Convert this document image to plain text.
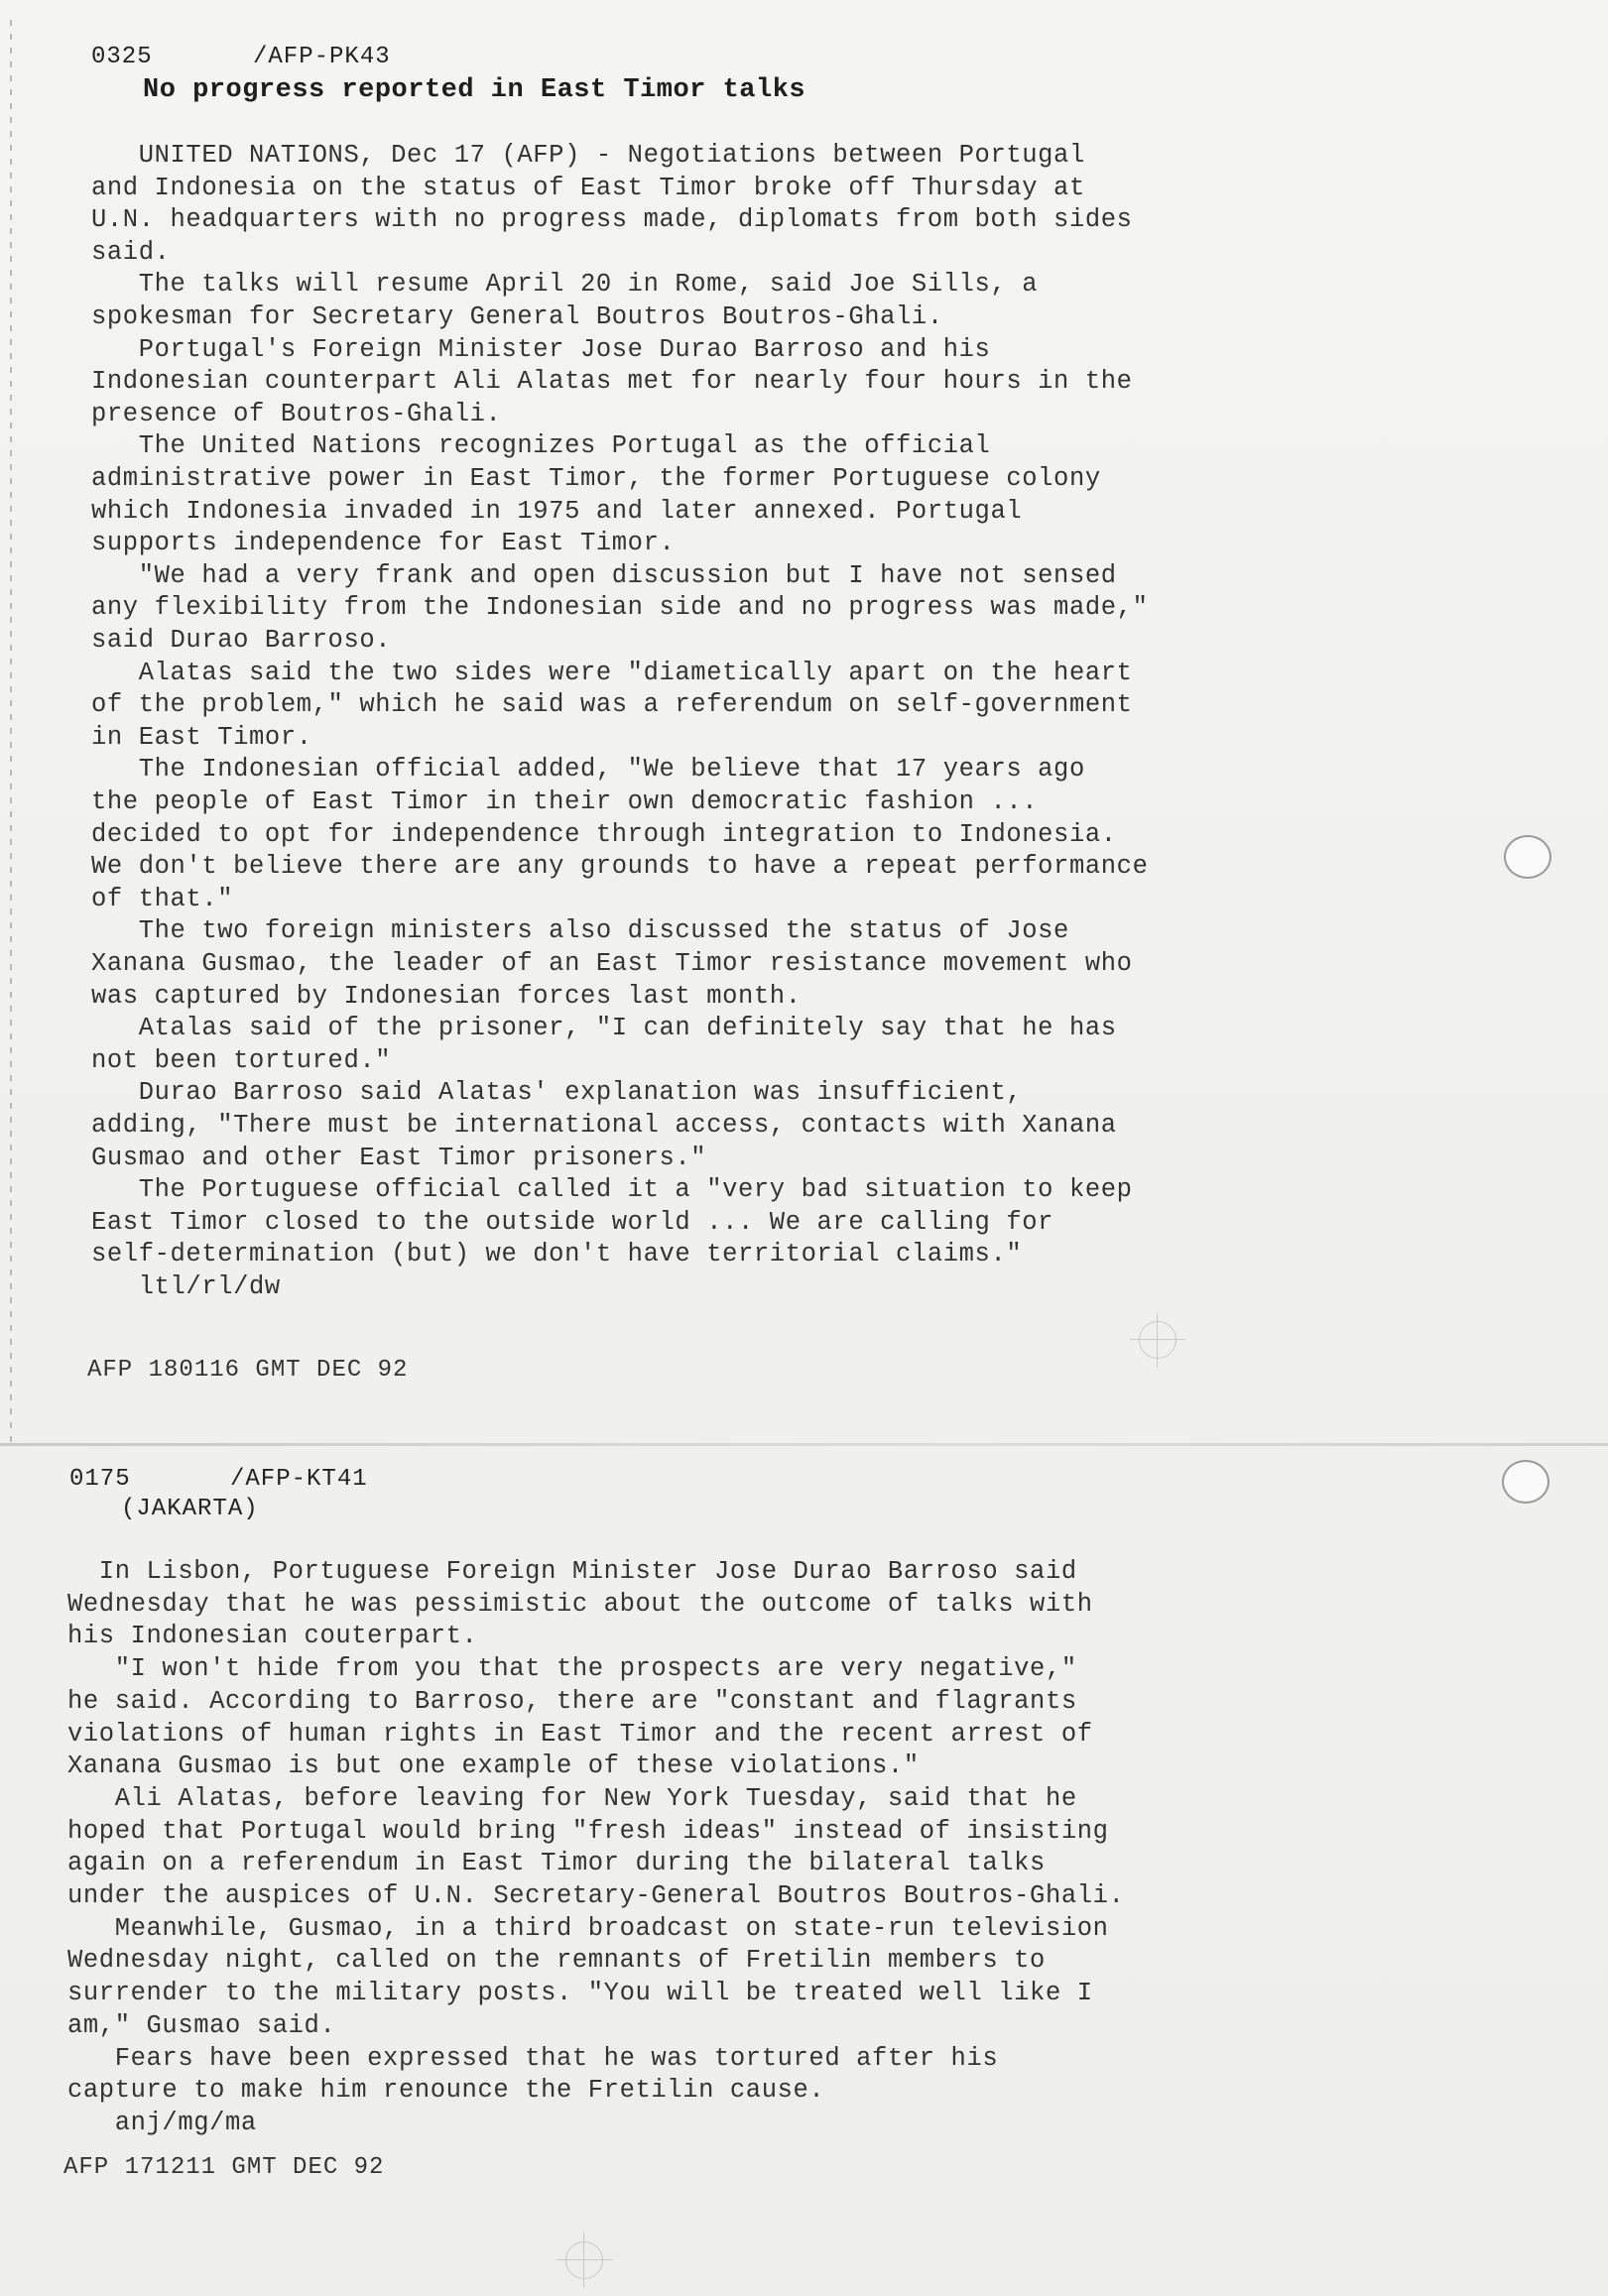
0325	/AFP-PK43
No progress reported in East Timor talks
UNITED NATIONS, Dec 17 (AFP) - Negotiations between Portugal
and Indonesia on the status of East Timor broke off Thursday at
U.N. headquarters with no progress made, diplomats from both sides
said.
The talks will resume April 20 in Rome, said Joe Sills, a
spokesman for Secretary General Boutros Boutros-Ghali.
Portugal's Foreign Minister Jose Durao Barroso and his
Indonesian counterpart Ali Alatas met for nearly four hours in the
presence of Boutros-Ghali.
The United Nations recognizes Portugal as the official
administrative power in East Timor, the former Portuguese colony
which Indonesia invaded in 1975 and later annexed. Portugal
supports independence for East Timor.
"We had a very frank and open discussion but I have not sensed
any flexibility from the Indonesian side and no progress was made,"
said Durao Barroso.
Alatas said the two sides were "diametically apart on the heart
of the problem," which he said was a referendum on self-government
in East Timor.
The Indonesian official added, "We believe that 17 years ago
the people of East Timor in their own democratic fashion ...
decided to opt for independence through integration to Indonesia.
We don't believe there are any grounds to have a repeat performance
of that."
The two foreign ministers also discussed the status of Jose
Xanana Gusmao, the leader of an East Timor resistance movement who
was captured by Indonesian forces last month.
Atalas said of the prisoner, "I can definitely say that he has
not been tortured."
Durao Barroso said Alatas' explanation was insufficient,
adding, "There must be international access, contacts with Xanana
Gusmao and other East Timor prisoners."
The Portuguese official called it a "very bad situation to keep
East Timor closed to the outside world ... We are calling for
self-determination (but) we don't have territorial claims."
ltl/rl/dw
AFP 180116 GMT DEC 92
0175	/AFP-KT41
(JAKARTA)
In Lisbon, Portuguese Foreign Minister Jose Durao Barroso said
Wednesday that he was pessimistic about the outcome of talks with
his Indonesian couterpart.
"I won't hide from you that the prospects are very negative,"
he said. According to Barroso, there are "constant and flagrants
violations of human rights in East Timor and the recent arrest of
Xanana Gusmao is but one example of these violations."
Ali Alatas, before leaving for New York Tuesday, said that he
hoped that Portugal would bring "fresh ideas" instead of insisting
again on a referendum in East Timor during the bilateral talks
under the auspices of U.N. Secretary-General Boutros Boutros-Ghali.
Meanwhile, Gusmao, in a third broadcast on state-run television
Wednesday night, called on the remnants of Fretilin members to
surrender to the military posts. "You will be treated well like I
am," Gusmao said.
Fears have been expressed that he was tortured after his
capture to make him renounce the Fretilin cause.
anj/mg/ma
AFP 171211 GMT DEC 92
